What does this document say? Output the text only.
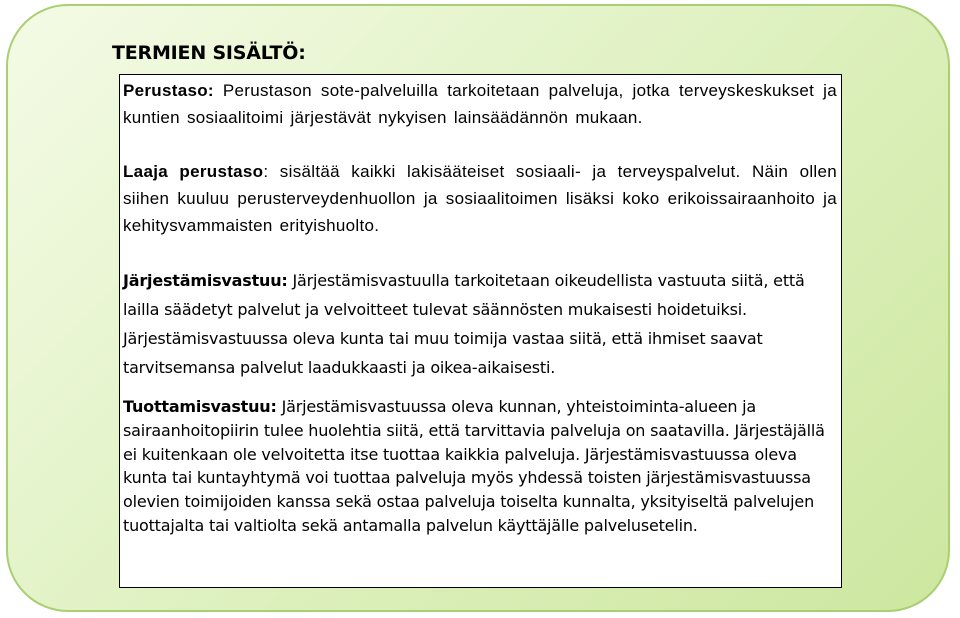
TERMIEN SISÄLTÖ:

Perustaso: Perustason sote-palveluilla tarkoitetaan palveluja, jotka terveyskeskukset ja kuntien sosiaalitoimi järjestävät nykyisen lainsäädännön mukaan.

Laaja perustaso: sisältää kaikki lakisääteiset sosiaali- ja terveyspalvelut. Näin ollen siihen kuuluu perusterveydenhuollon ja sosiaalitoimen lisäksi koko erikoissairaanhoito ja kehitysvammaisten erityishuolto.

Järjestämisvastuu: Järjestämisvastuulla tarkoitetaan oikeudellista vastuuta siitä, että lailla säädetyt palvelut ja velvoitteet tulevat säännösten mukaisesti hoidetuiksi. Järjestämisvastuussa oleva kunta tai muu toimija vastaa siitä, että ihmiset saavat tarvitsemansa palvelut laadukkaasti ja oikea-aikaisesti.

Tuottamisvastuu: Järjestämisvastuussa oleva kunnan, yhteistoiminta-alueen ja sairaanhoitopiirin tulee huolehtia siitä, että tarvittavia palveluja on saatavilla. Järjestäjällä ei kuitenkaan ole velvoitetta itse tuottaa kaikkia palveluja. Järjestämisvastuussa oleva kunta tai kuntayhtymä voi tuottaa palveluja myös yhdessä toisten järjestämisvastuussa olevien toimijoiden kanssa sekä ostaa palveluja toiselta kunnalta, yksityiseltä palvelujen tuottajalta tai valtiolta sekä antamalla palvelun käyttäjälle palvelusetelin.
